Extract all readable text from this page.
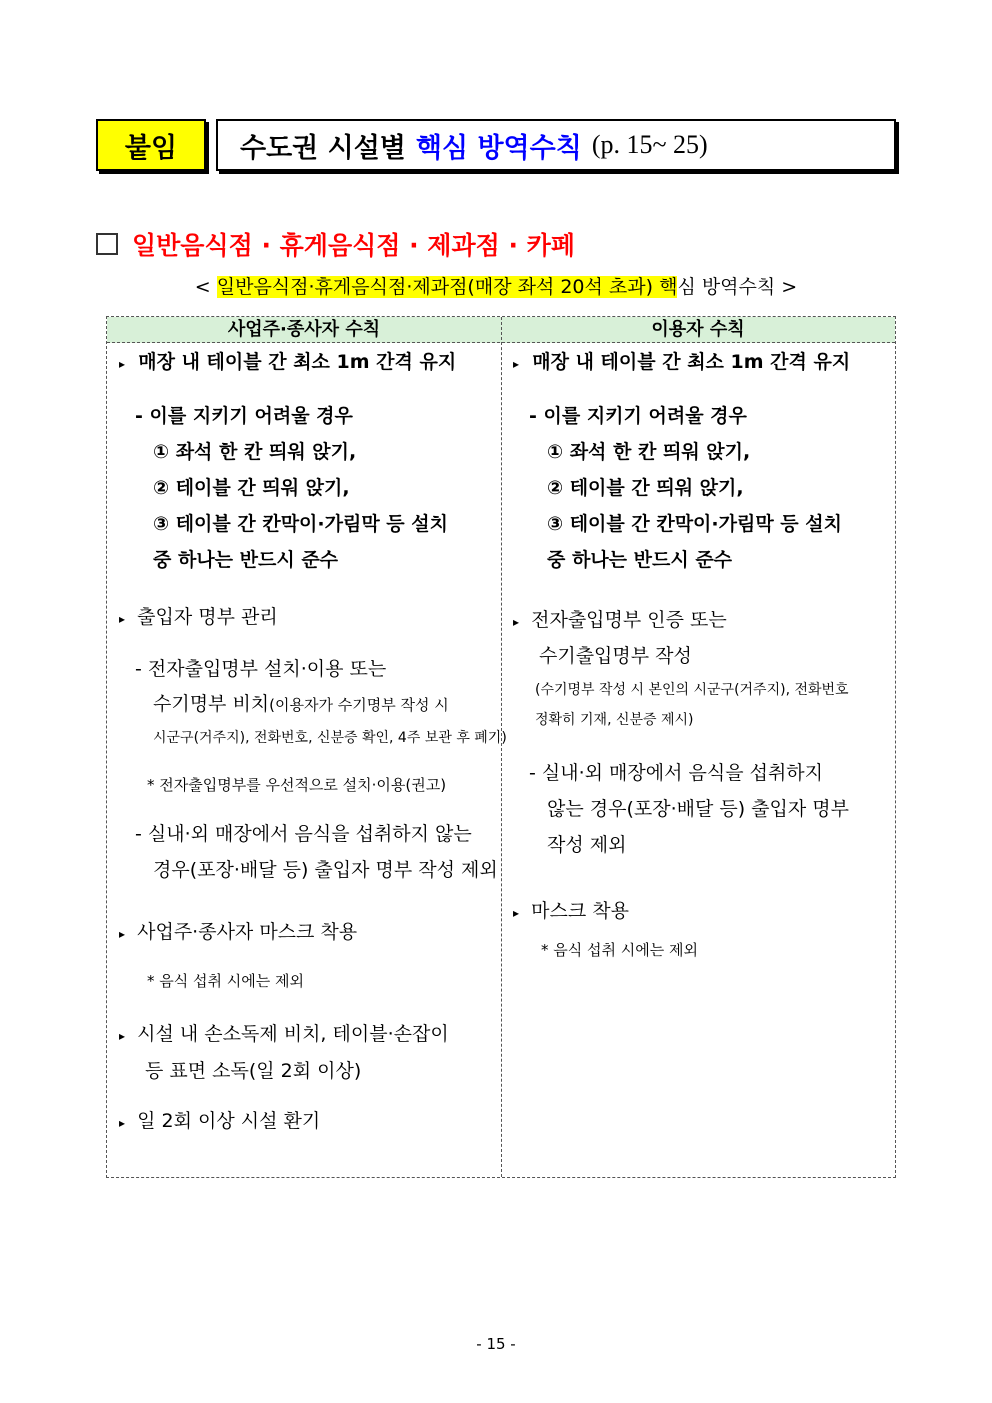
붙임 수도권 시설별 핵심 방역수칙 (p. 15~ 25)
일반음식점 · 휴게음식점 · 제과점 · 카페
< 일반음식점·휴게음식점·제과점(매장 좌석 20석 초과) 핵심 방역수칙 >
사업주·종사자 수칙	이용자 수칙
▸ 매장 내 테이블 간 최소 1m 간격 유지
- 이를 지키기 어려울 경우
① 좌석 한 칸 띄워 앉기,
② 테이블 간 띄워 앉기,
③ 테이블 간 칸막이·가림막 등 설치
중 하나는 반드시 준수
▸ 출입자 명부 관리
- 전자출입명부 설치·이용 또는
수기명부 비치(이용자가 수기명부 작성 시
시군구(거주지), 전화번호, 신분증 확인, 4주 보관 후 폐기)
* 전자출입명부를 우선적으로 설치·이용(권고)
- 실내·외 매장에서 음식을 섭취하지 않는
경우(포장·배달 등) 출입자 명부 작성 제외
▸ 사업주·종사자 마스크 착용
* 음식 섭취 시에는 제외
▸ 시설 내 손소독제 비치, 테이블·손잡이
등 표면 소독(일 2회 이상)
▸ 일 2회 이상 시설 환기
▸ 매장 내 테이블 간 최소 1m 간격 유지
- 이를 지키기 어려울 경우
① 좌석 한 칸 띄워 앉기,
② 테이블 간 띄워 앉기,
③ 테이블 간 칸막이·가림막 등 설치
중 하나는 반드시 준수
▸ 전자출입명부 인증 또는
수기출입명부 작성
(수기명부 작성 시 본인의 시군구(거주지), 전화번호
정확히 기재, 신분증 제시)
- 실내·외 매장에서 음식을 섭취하지
않는 경우(포장·배달 등) 출입자 명부
작성 제외
▸ 마스크 착용
* 음식 섭취 시에는 제외
- 15 -
